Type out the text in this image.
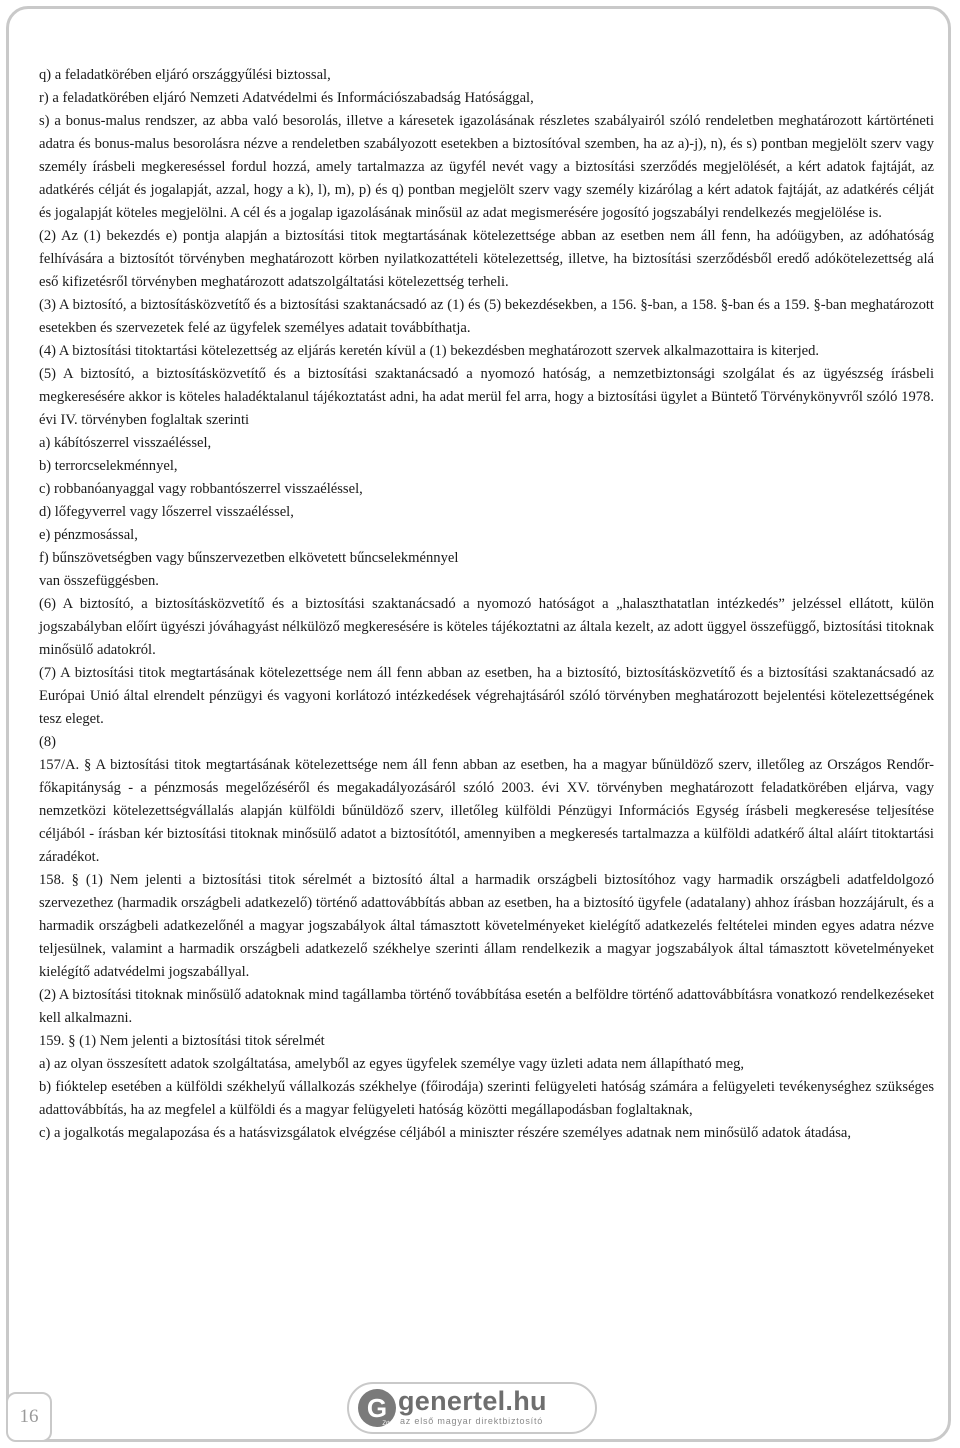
q) a feladatkörében eljáró országgyűlési biztossal,

r) a feladatkörében eljáró Nemzeti Adatvédelmi és Információszabadság Hatósággal,

s) a bonus-malus rendszer, az abba való besorolás, illetve a káresetek igazolásának részletes szabályairól szóló rendeletben meghatározott kártörténeti adatra és bonus-malus besorolásra nézve a rendeletben szabályozott esetekben a biztosítóval szemben, ha az a)-j), n), és s) pontban megjelölt szerv vagy személy írásbeli megkereséssel fordul hozzá, amely tartalmazza az ügyfél nevét vagy a biztosítási szerződés megjelölését, a kért adatok fajtáját, az adatkérés célját és jogalapját, azzal, hogy a k), l), m), p) és q) pontban megjelölt szerv vagy személy kizárólag a kért adatok fajtáját, az adatkérés célját és jogalapját köteles megjelölni. A cél és a jogalap igazolásának minősül az adat megismerésére jogosító jogszabályi rendelkezés megjelölése is.

(2) Az (1) bekezdés e) pontja alapján a biztosítási titok megtartásának kötelezettsége abban az esetben nem áll fenn, ha adóügyben, az adóhatóság felhívására a biztosítót törvényben meghatározott körben nyilatkozattételi kötelezettség, illetve, ha biztosítási szerződésből eredő adókötelezettség alá eső kifizetésről törvényben meghatározott adatszolgáltatási kötelezettség terheli.

(3) A biztosító, a biztosításközvetítő és a biztosítási szaktanácsadó az (1) és (5) bekezdésekben, a 156. §-ban, a 158. §-ban és a 159. §-ban meghatározott esetekben és szervezetek felé az ügyfelek személyes adatait továbbíthatja.

(4) A biztosítási titoktartási kötelezettség az eljárás keretén kívül a (1) bekezdésben meghatározott szervek alkalmazottaira is kiterjed.

(5) A biztosító, a biztosításközvetítő és a biztosítási szaktanácsadó a nyomozó hatóság, a nemzetbiztonsági szolgálat és az ügyészség írásbeli megkeresésére akkor is köteles haladéktalanul tájékoztatást adni, ha adat merül fel arra, hogy a biztosítási ügylet a Büntető Törvénykönyvről szóló 1978. évi IV. törvényben foglaltak szerinti

a) kábítószerrel visszaéléssel,

b) terrorcselekménnyel,

c) robbanóanyaggal vagy robbantószerrel visszaéléssel,

d) lőfegyverrel vagy lőszerrel visszaéléssel,

e) pénzmosással,

f) bűnszövetségben vagy bűnszervezetben elkövetett bűncselekménnyel

van összefüggésben.

(6) A biztosító, a biztosításközvetítő és a biztosítási szaktanácsadó a nyomozó hatóságot a „halaszthatatlan intézkedés” jelzéssel ellátott, külön jogszabályban előírt ügyészi jóváhagyást nélkülöző megkeresésére is köteles tájékoztatni az általa kezelt, az adott üggyel összefüggő, biztosítási titoknak minősülő adatokról.

(7) A biztosítási titok megtartásának kötelezettsége nem áll fenn abban az esetben, ha a biztosító, biztosításközvetítő és a biztosítási szaktanácsadó az Európai Unió által elrendelt pénzügyi és vagyoni korlátozó intézkedések végrehajtásáról szóló törvényben meghatározott bejelentési kötelezettségének tesz eleget.

(8)

157/A. § A biztosítási titok megtartásának kötelezettsége nem áll fenn abban az esetben, ha a magyar bűnüldöző szerv, illetőleg az Országos Rendőr-főkapitányság - a pénzmosás megelőzéséről és megakadályozásáról szóló 2003. évi XV. törvényben meghatározott feladatkörében eljárva, vagy nemzetközi kötelezettségvállalás alapján külföldi bűnüldöző szerv, illetőleg külföldi Pénzügyi Információs Egység írásbeli megkeresése teljesítése céljából - írásban kér biztosítási titoknak minősülő adatot a biztosítótól, amennyiben a megkeresés tartalmazza a külföldi adatkérő által aláírt titoktartási záradékot.

158. § (1) Nem jelenti a biztosítási titok sérelmét a biztosító által a harmadik országbeli biztosítóhoz vagy harmadik országbeli adatfeldolgozó szervezethez (harmadik országbeli adatkezelő) történő adattovábbítás abban az esetben, ha a biztosító ügyfele (adatalany) ahhoz írásban hozzájárult, és a harmadik országbeli adatkezelőnél a magyar jogszabályok által támasztott követelményeket kielégítő adatkezelés feltételei minden egyes adatra nézve teljesülnek, valamint a harmadik országbeli adatkezelő székhelye szerinti állam rendelkezik a magyar jogszabályok által támasztott követelményeket kielégítő adatvédelmi jogszabállyal.

(2) A biztosítási titoknak minősülő adatoknak mind tagállamba történő továbbítása esetén a belföldre történő adattovábbításra vonatkozó rendelkezéseket kell alkalmazni.

159. § (1) Nem jelenti a biztosítási titok sérelmét

a) az olyan összesített adatok szolgáltatása, amelyből az egyes ügyfelek személye vagy üzleti adata nem állapítható meg,

b) fióktelep esetében a külföldi székhelyű vállalkozás székhelye (főirodája) szerinti felügyeleti hatóság számára a felügyeleti tevékenységhez szükséges adattovábbítás, ha az megfelel a külföldi és a magyar felügyeleti hatóság közötti megállapodásban foglaltaknak,

c) a jogalkotás megalapozása és a hatásvizsgálatok elvégzése céljából a miniszter részére személyes adatnak nem minősülő adatok átadása,

16	G
Zrt
genertel.hu
az első magyar direktbiztosító
